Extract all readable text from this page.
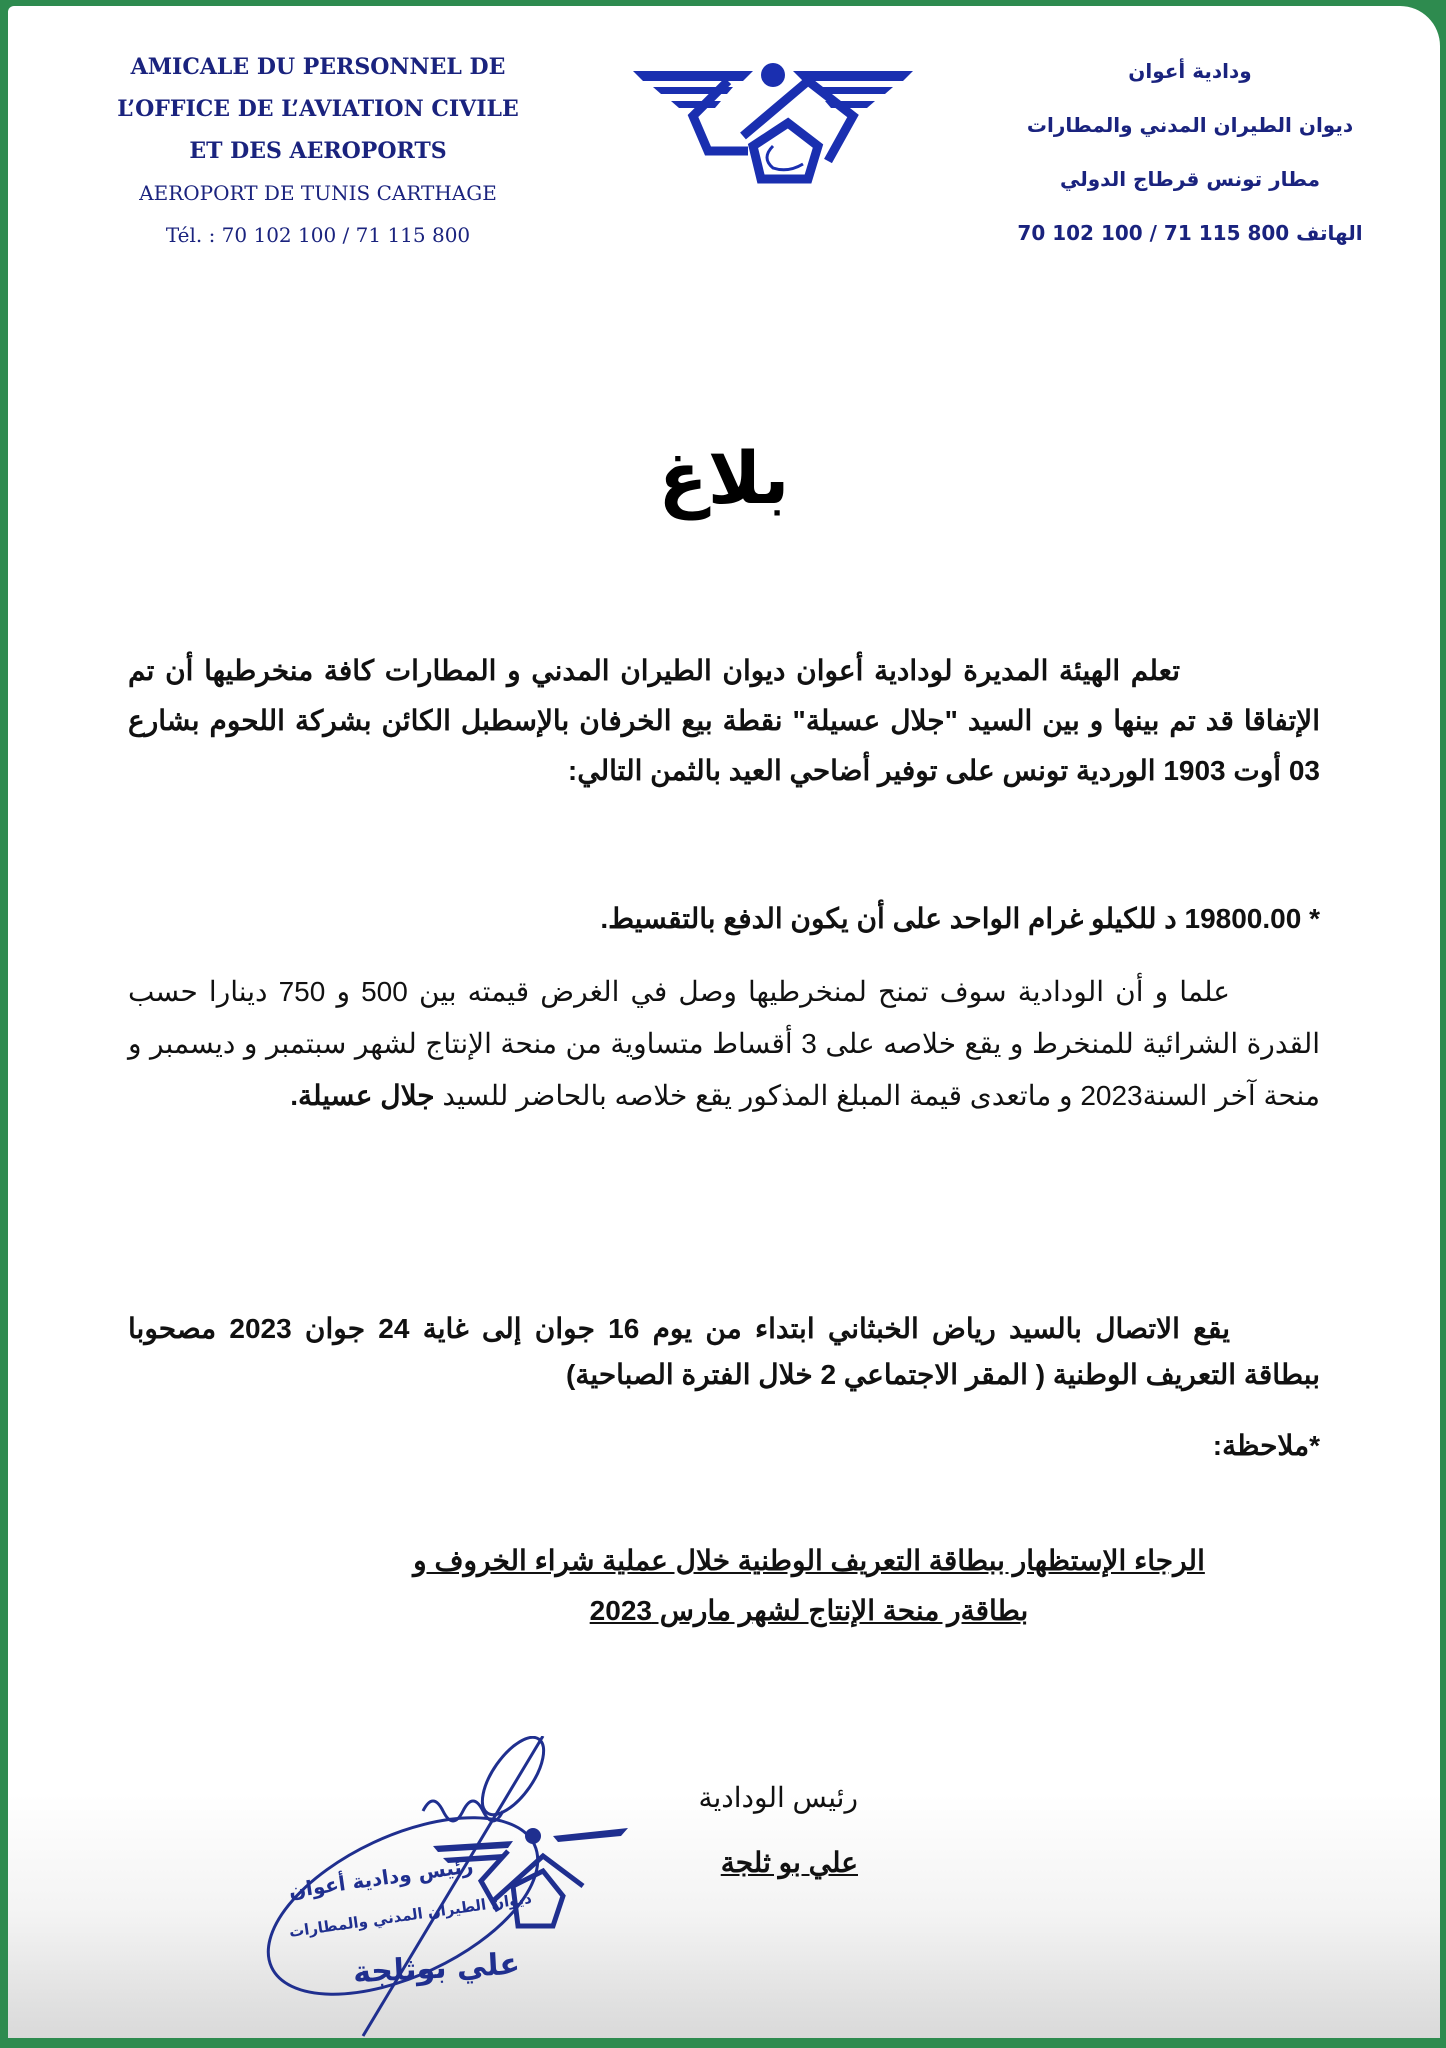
AMICALE DU PERSONNEL DE
L’OFFICE DE L’AVIATION CIVILE
ET DES AEROPORTS
AEROPORT DE TUNIS CARTHAGE
Tél. : 70 102 100 / 71 115 800
ودادية أعوان
ديوان الطيران المدني والمطارات
مطار تونس قرطاج الدولي
الهاتف 800 115 71 / 100 102 70
بلاغ
تعلم الهيئة المديرة لودادية أعوان ديوان الطيران المدني و المطارات كافة منخرطيها أن تم الإتفاقا قد تم بينها و بين السيد "جلال عسيلة" نقطة بيع الخرفان بالإسطبل الكائن بشركة اللحوم بشارع 03 أوت 1903 الوردية تونس على توفير أضاحي العيد بالثمن التالي:
* 19800.00 د للكيلو غرام الواحد على أن يكون الدفع بالتقسيط.
علما و أن الودادية سوف تمنح لمنخرطيها وصل في الغرض قيمته بين 500 و 750 دينارا حسب القدرة الشرائية للمنخرط و يقع خلاصه على 3 أقساط متساوية من منحة الإنتاج لشهر سبتمبر و ديسمبر و منحة آخر السنة2023 و ماتعدى قيمة المبلغ المذكور يقع خلاصه بالحاضر للسيد جلال عسيلة.
يقع الاتصال بالسيد رياض الخبثاني ابتداء من يوم 16 جوان إلى غاية 24 جوان 2023 مصحوبا ببطاقة التعريف الوطنية ( المقر الاجتماعي 2 خلال الفترة الصباحية)
*ملاحظة:
الرجاء الإستظهار ببطاقة التعريف الوطنية خلال عملية شراء الخروف و
بطاقةر منحة الإنتاج لشهر مارس 2023
رئيس ودادية أعوان
ديوان الطيران المدني والمطارات
علي بوثلجة
رئيس الودادية
علي بو ثلجة
